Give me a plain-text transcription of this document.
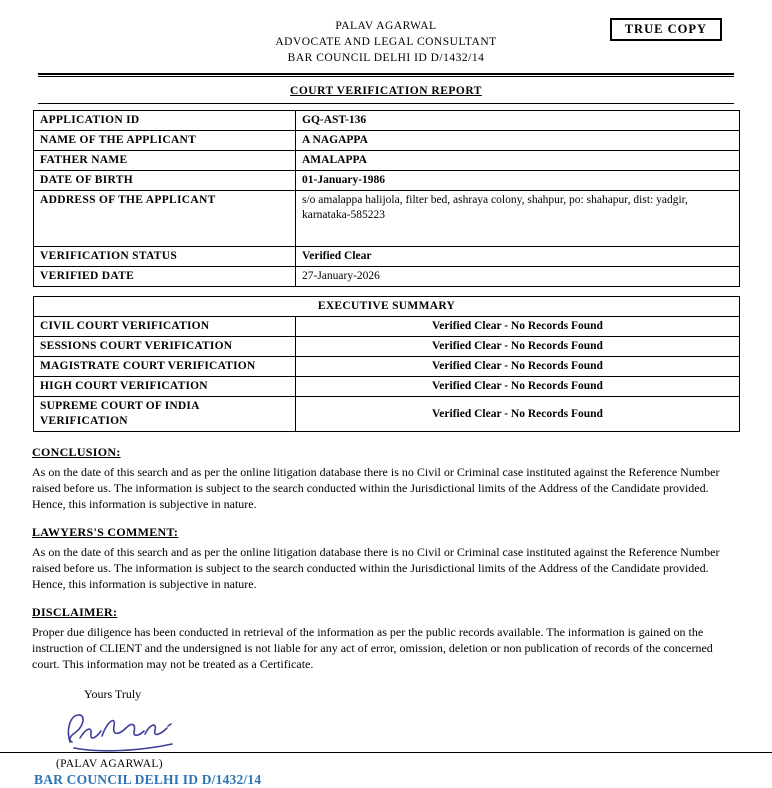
PALAV AGARWAL
ADVOCATE AND LEGAL CONSULTANT
BAR COUNCIL DELHI ID D/1432/14
TRUE COPY
COURT VERIFICATION REPORT
APPLICATION ID	GQ-AST-136
NAME OF THE APPLICANT	A NAGAPPA
FATHER NAME	AMALAPPA
DATE OF BIRTH	01-January-1986
ADDRESS OF THE APPLICANT	s/o amalappa halijola, filter bed, ashraya colony, shahpur, po: shahapur, dist: yadgir, karnataka-585223
VERIFICATION STATUS	Verified Clear
VERIFIED DATE	27-January-2026
EXECUTIVE SUMMARY	
CIVIL COURT VERIFICATION	Verified Clear - No Records Found
SESSIONS COURT VERIFICATION	Verified Clear - No Records Found
MAGISTRATE COURT VERIFICATION	Verified Clear - No Records Found
HIGH COURT VERIFICATION	Verified Clear - No Records Found
SUPREME COURT OF INDIA VERIFICATION	Verified Clear - No Records Found
CONCLUSION:
As on the date of this search and as per the online litigation database there is no Civil or Criminal case instituted against the Reference Number raised before us. The information is subject to the search conducted within the Jurisdictional limits of the Address of the Candidate provided. Hence, this information is subjective in nature.
LAWYERS'S COMMENT:
As on the date of this search and as per the online litigation database there is no Civil or Criminal case instituted against the Reference Number raised before us. The information is subject to the search conducted within the Jurisdictional limits of the Address of the Candidate provided. Hence, this information is subjective in nature.
DISCLAIMER:
Proper due diligence has been conducted in retrieval of the information as per the public records available. The information is gained on the instruction of CLIENT and the undersigned is not liable for any act of error, omission, deletion or non publication of records of the concerned court. This information may not be treated as a Certificate.
Yours Truly
(PALAV AGARWAL)
BAR COUNCIL DELHI ID D/1432/14
